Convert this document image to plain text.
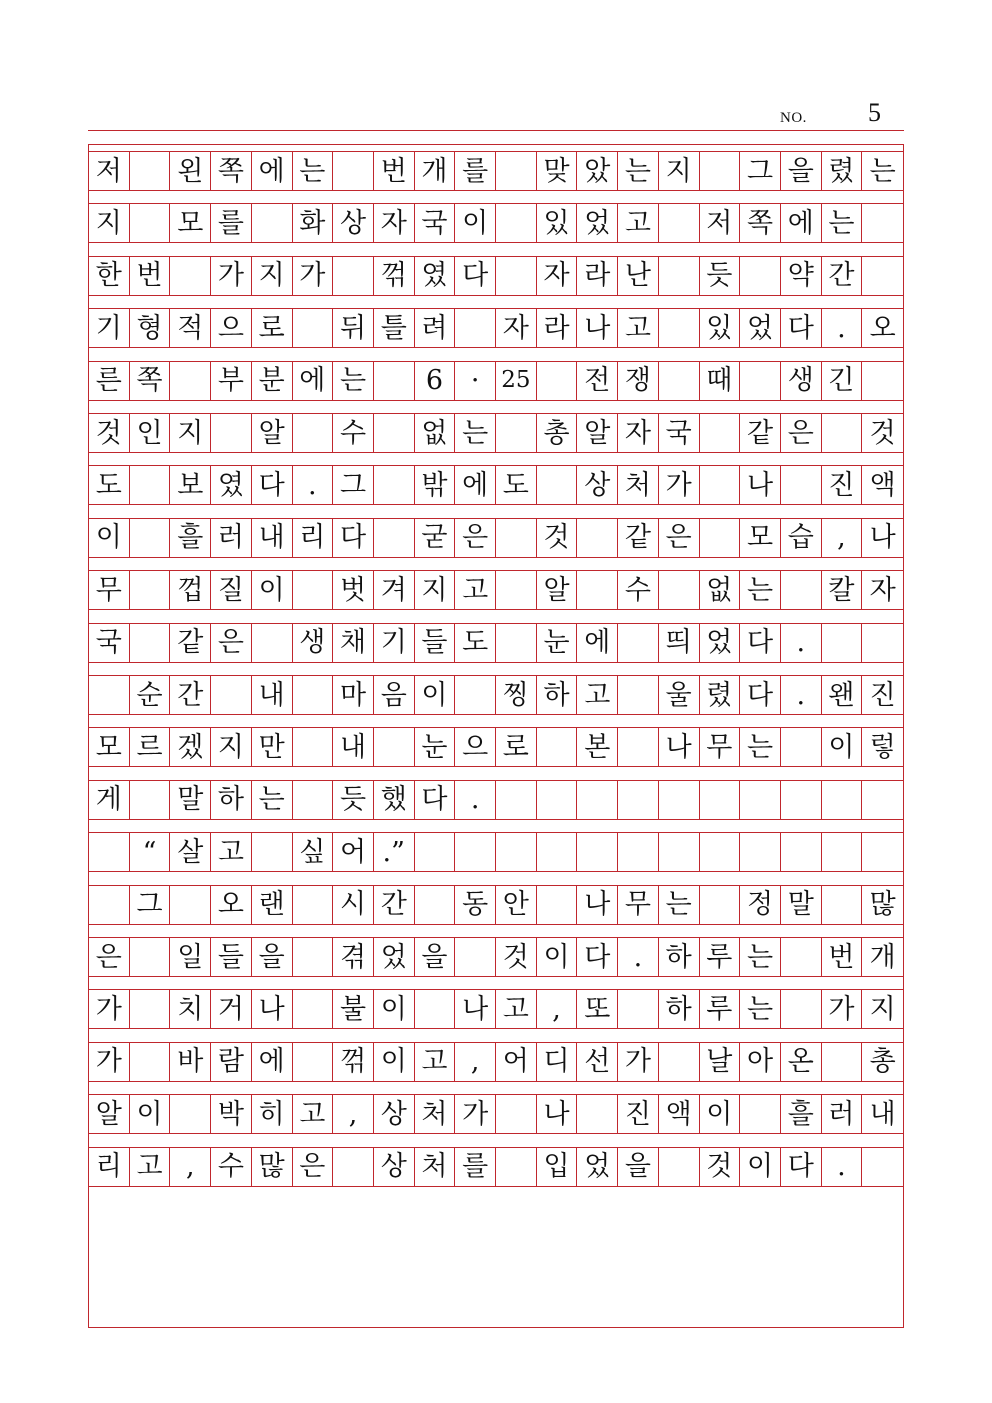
NO. 5
저 왼 쪽 에 는 번 개 를 맞 았 는 지 그 을 렸 는
지 모 를 화 상 자 국 이 있 었 고 저 쪽 에 는
한 번 가 지 가 꺾 였 다 자 라 난 듯 약 간
기 형 적 으 로 뒤 틀 려 자 라 나 고 있 었 다 . 오
른 쪽 부 분 에 는	6	· 25 전 쟁 때 생 긴
것 인 지 알 수 없 는 총 알 자 국 같 은 것
도 보 였 다 . 그 밖 에 도 상 처 가 나 진 액
이 흘 러 내 리 다 굳 은 것 같 은 모 습 , 나
무 껍 질 이 벗 겨 지 고 알 수 없 는 칼 자
국 같 은 생 채 기 들 도 눈 에 띄 었 다 .
순 간 내 마 음 이 찡 하 고 울 렸 다 . 왠 진
모 르 겠 지 만 내 눈 으 로 본 나 무 는 이 렇
게 말 하 는 듯 했 다 .
“ 살 고 싶 어 .”
그 오 랜 시 간 동 안 나 무 는 정 말 많
은 일 들 을 겪 었 을 것 이 다 . 하 루 는 번 개
가 치 거 나 불 이 나 고 , 또 하 루 는 가 지
가 바 람 에 꺾 이 고 , 어 디 선 가 날 아 온 총
알 이 박 히 고 , 상 처 가 나 진 액 이 흘 러 내
리 고 , 수 많 은 상 처 를 입 었 을 것 이 다 .
